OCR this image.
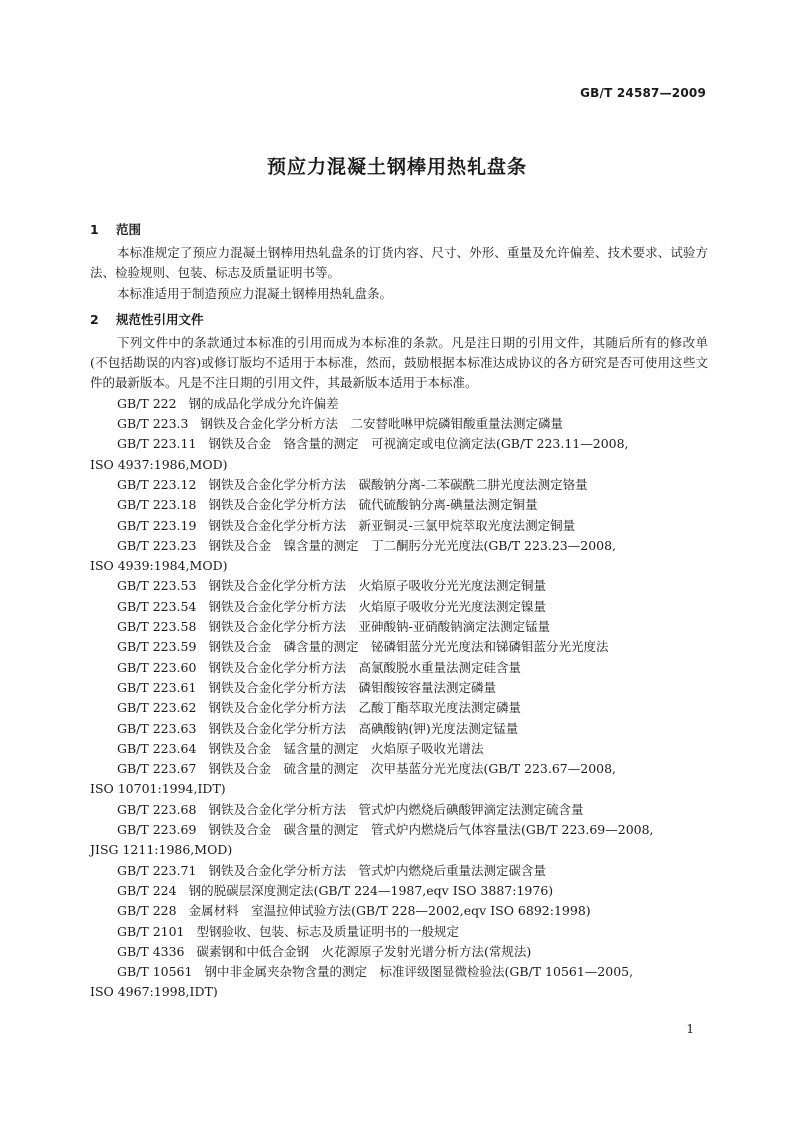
GB/T 24587—2009
预应力混凝土钢棒用热轧盘条
1 范围

本标准规定了预应力混凝土钢棒用热轧盘条的订货内容、尺寸、外形、重量及允许偏差、技术要求、试验方法、检验规则、包装、标志及质量证明书等。

本标准适用于制造预应力混凝土钢棒用热轧盘条。

2 规范性引用文件

下列文件中的条款通过本标准的引用而成为本标准的条款。凡是注日期的引用文件，其随后所有的修改单(不包括勘误的内容)或修订版均不适用于本标准，然而，鼓励根据本标准达成协议的各方研究是否可使用这些文件的最新版本。凡是不注日期的引用文件，其最新版本适用于本标准。

GB/T 222 钢的成品化学成分允许偏差

GB/T 223.3 钢铁及合金化学分析方法　二安替吡啉甲烷磷钼酸重量法测定磷量

GB/T 223.11 钢铁及合金　铬含量的测定　可视滴定或电位滴定法(GB/T 223.11—2008,

ISO 4937:1986,MOD)

GB/T 223.12 钢铁及合金化学分析方法　碳酸钠分离-二苯碳酰二肼光度法测定铬量

GB/T 223.18 钢铁及合金化学分析方法　硫代硫酸钠分离-碘量法测定铜量

GB/T 223.19 钢铁及合金化学分析方法　新亚铜灵-三氯甲烷萃取光度法测定铜量

GB/T 223.23 钢铁及合金　镍含量的测定　丁二酮肟分光光度法(GB/T 223.23—2008,

ISO 4939:1984,MOD)

GB/T 223.53 钢铁及合金化学分析方法　火焰原子吸收分光光度法测定铜量

GB/T 223.54 钢铁及合金化学分析方法　火焰原子吸收分光光度法测定镍量

GB/T 223.58 钢铁及合金化学分析方法　亚砷酸钠-亚硝酸钠滴定法测定锰量

GB/T 223.59 钢铁及合金　磷含量的测定　铋磷钼蓝分光光度法和锑磷钼蓝分光光度法

GB/T 223.60 钢铁及合金化学分析方法　高氯酸脱水重量法测定硅含量

GB/T 223.61 钢铁及合金化学分析方法　磷钼酸铵容量法测定磷量

GB/T 223.62 钢铁及合金化学分析方法　乙酸丁酯萃取光度法测定磷量

GB/T 223.63 钢铁及合金化学分析方法　高碘酸钠(钾)光度法测定锰量

GB/T 223.64 钢铁及合金　锰含量的测定　火焰原子吸收光谱法

GB/T 223.67 钢铁及合金　硫含量的测定　次甲基蓝分光光度法(GB/T 223.67—2008,

ISO 10701:1994,IDT)

GB/T 223.68 钢铁及合金化学分析方法　管式炉内燃烧后碘酸钾滴定法测定硫含量

GB/T 223.69 钢铁及合金　碳含量的测定　管式炉内燃烧后气体容量法(GB/T 223.69—2008,

JISG 1211:1986,MOD)

GB/T 223.71 钢铁及合金化学分析方法　管式炉内燃烧后重量法测定碳含量

GB/T 224 钢的脱碳层深度测定法(GB/T 224—1987,eqv ISO 3887:1976)

GB/T 228 金属材料　室温拉伸试验方法(GB/T 228—2002,eqv ISO 6892:1998)

GB/T 2101 型钢验收、包装、标志及质量证明书的一般规定

GB/T 4336 碳素钢和中低合金钢　火花源原子发射光谱分析方法(常规法)

GB/T 10561 钢中非金属夹杂物含量的测定　标准评级图显微检验法(GB/T 10561—2005,

ISO 4967:1998,IDT)

1
